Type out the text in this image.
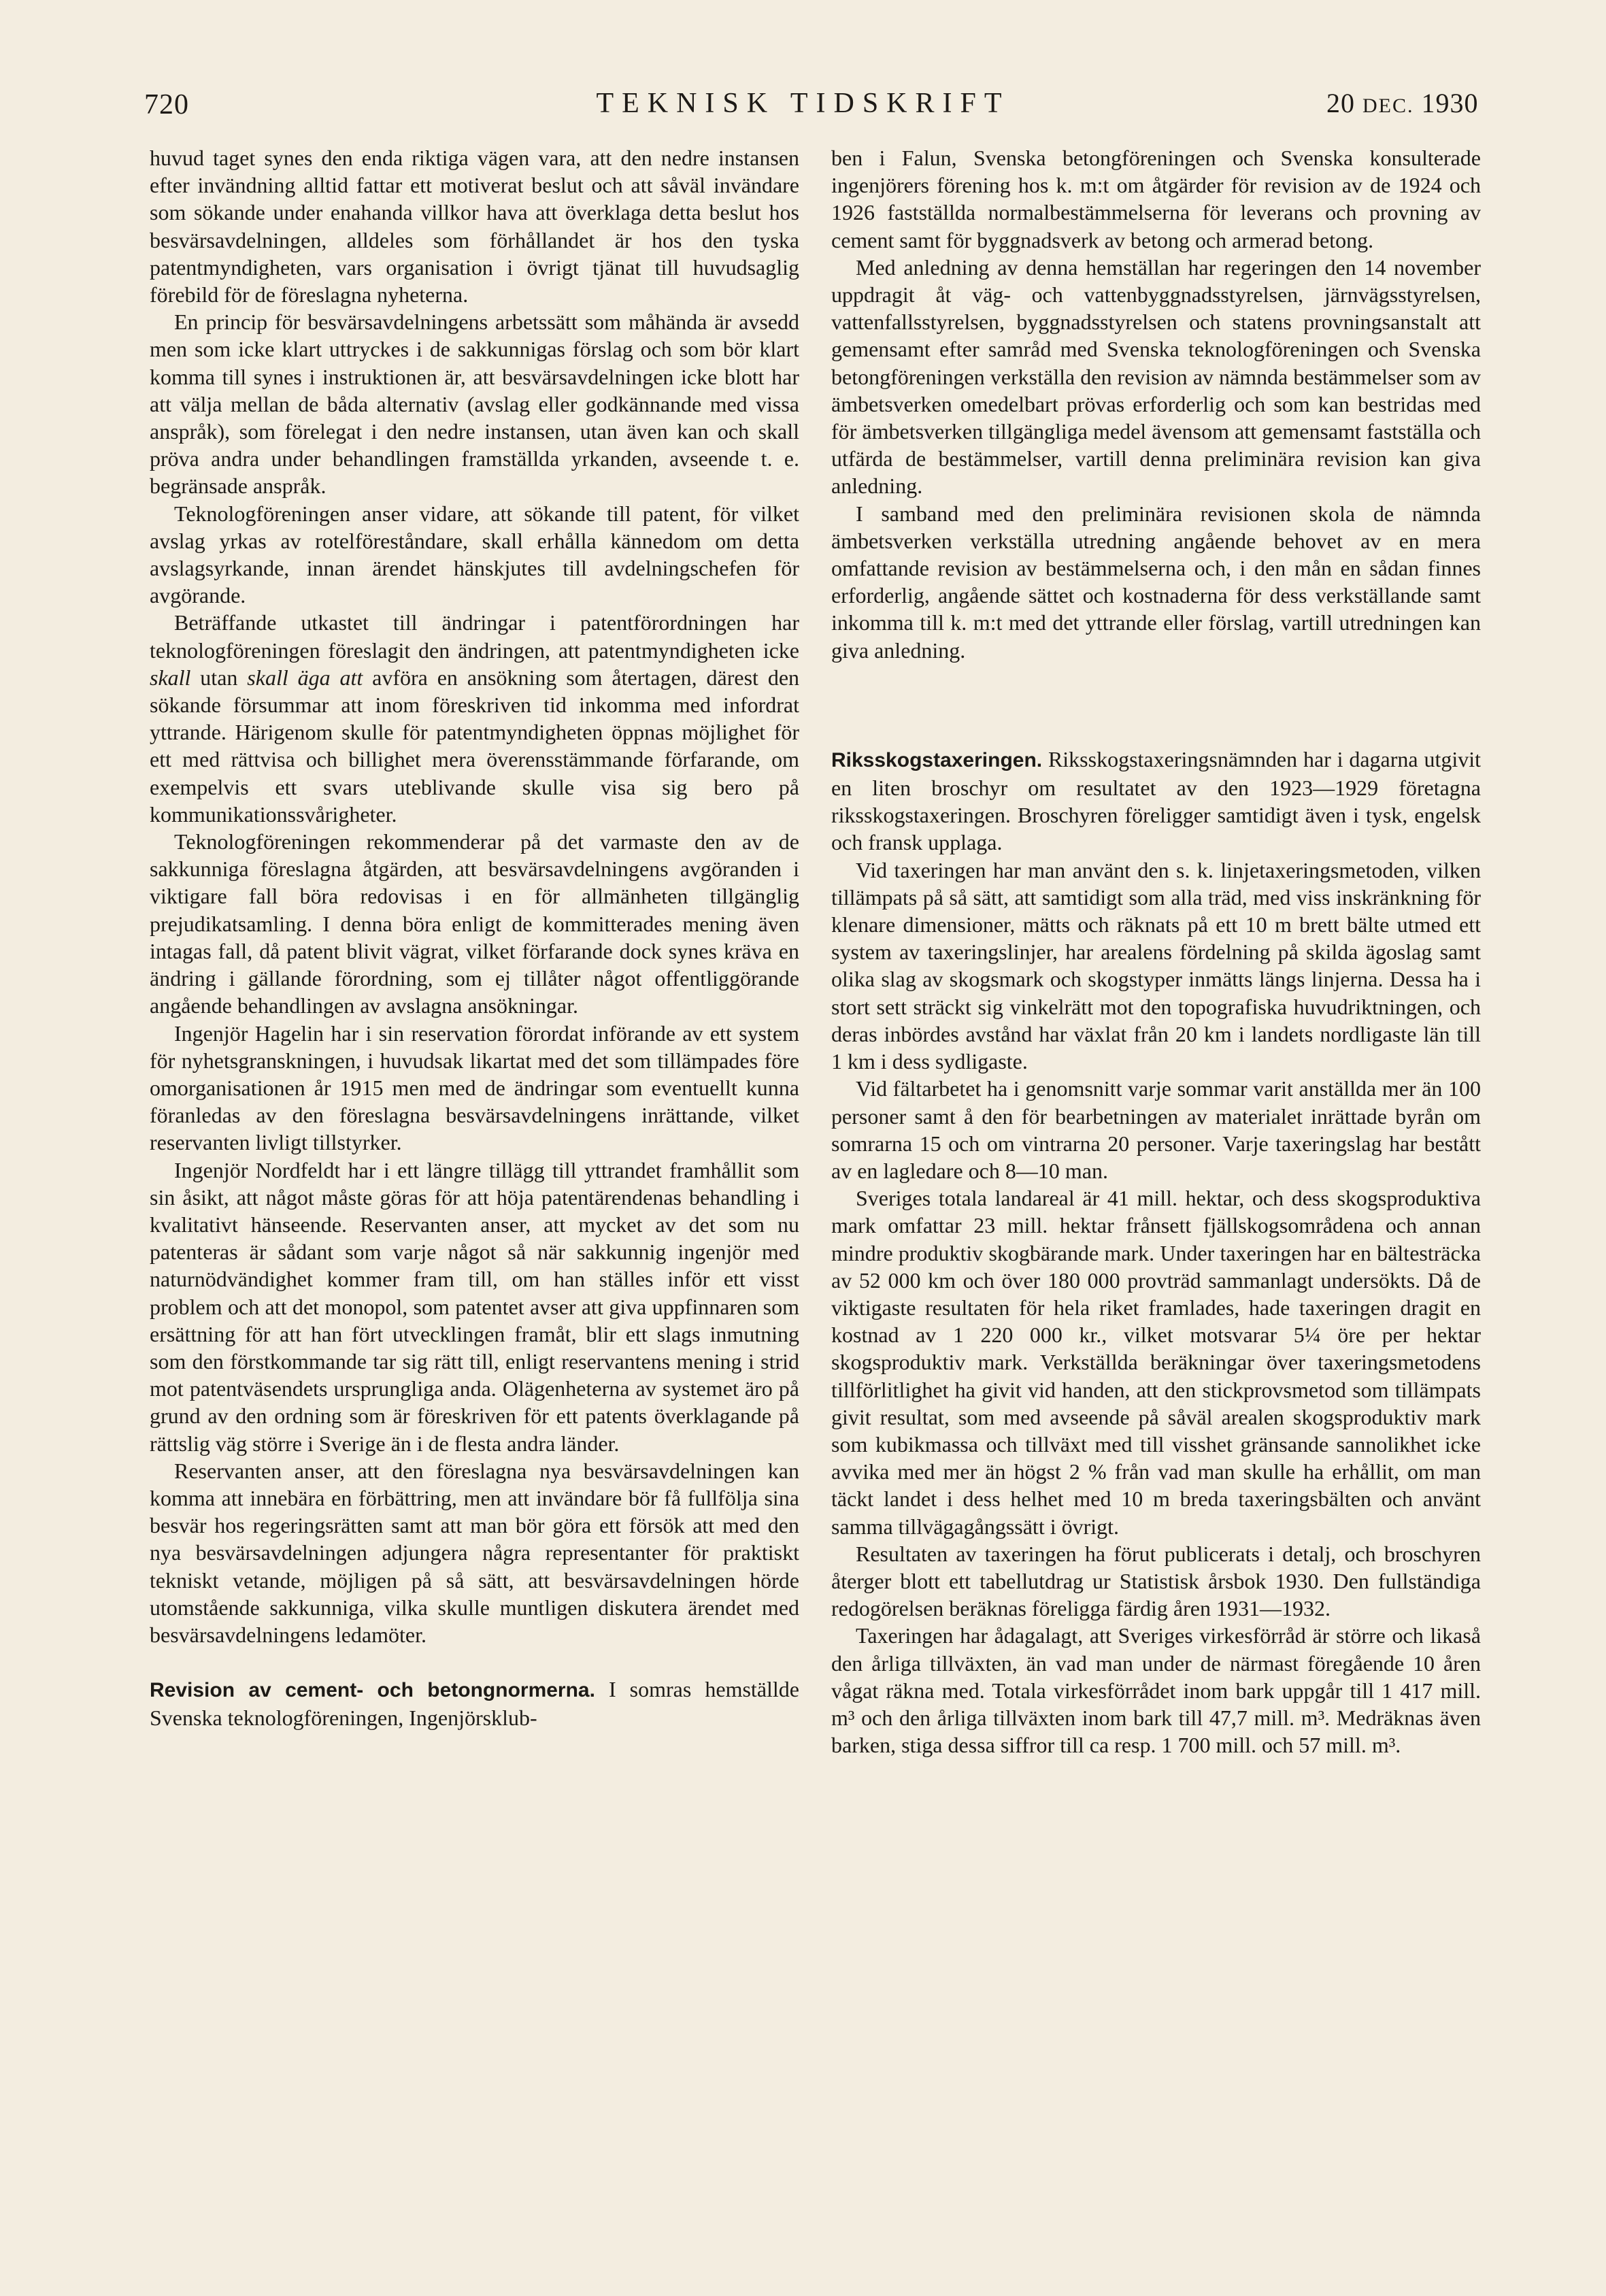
720	TEKNISK TIDSKRIFT	20 DEC. 1930

huvud taget synes den enda riktiga vägen vara, att den nedre instansen efter invändning alltid fattar ett motiverat beslut och att såväl invändare som sökande under enahanda villkor hava att överklaga detta beslut hos besvärsavdelningen, alldeles som förhållandet är hos den tyska patentmyndigheten, vars organisation i övrigt tjänat till huvudsaglig förebild för de föreslagna nyheterna.

En princip för besvärsavdelningens arbetssätt som måhända är avsedd men som icke klart uttryckes i de sakkunnigas förslag och som bör klart komma till synes i instruktionen är, att besvärsavdelningen icke blott har att välja mellan de båda alternativ (avslag eller godkännande med vissa anspråk), som förelegat i den nedre instansen, utan även kan och skall pröva andra under behandlingen framställda yrkanden, avseende t. e. begränsade anspråk.

Teknologföreningen anser vidare, att sökande till patent, för vilket avslag yrkas av rotelföreståndare, skall erhålla kännedom om detta avslagsyrkande, innan ärendet hänskjutes till avdelningschefen för avgörande.

Beträffande utkastet till ändringar i patentförordningen har teknologföreningen föreslagit den ändringen, att patentmyndigheten icke skall utan skall äga att avföra en ansökning som återtagen, därest den sökande försummar att inom föreskriven tid inkomma med infordrat yttrande. Härigenom skulle för patentmyndigheten öppnas möjlighet för ett med rättvisa och billighet mera överensstämmande förfarande, om exempelvis ett svars uteblivande skulle visa sig bero på kommunikationssvårigheter.

Teknologföreningen rekommenderar på det varmaste den av de sakkunniga föreslagna åtgärden, att besvärsavdelningens avgöranden i viktigare fall böra redovisas i en för allmänheten tillgänglig prejudikatsamling. I denna böra enligt de kommitterades mening även intagas fall, då patent blivit vägrat, vilket förfarande dock synes kräva en ändring i gällande förordning, som ej tillåter något offentliggörande angående behandlingen av avslagna ansökningar.

Ingenjör Hagelin har i sin reservation förordat införande av ett system för nyhetsgranskningen, i huvudsak likartat med det som tillämpades före omorganisationen år 1915 men med de ändringar som eventuellt kunna föranledas av den föreslagna besvärsavdelningens inrättande, vilket reservanten livligt tillstyrker.

Ingenjör Nordfeldt har i ett längre tillägg till yttrandet framhållit som sin åsikt, att något måste göras för att höja patentärendenas behandling i kvalitativt hänseende. Reservanten anser, att mycket av det som nu patenteras är sådant som varje något så när sakkunnig ingenjör med naturnödvändighet kommer fram till, om han ställes inför ett visst problem och att det monopol, som patentet avser att giva uppfinnaren som ersättning för att han fört utvecklingen framåt, blir ett slags inmutning som den förstkommande tar sig rätt till, enligt reservantens mening i strid mot patentväsendets ursprungliga anda. Olägenheterna av systemet äro på grund av den ordning som är föreskriven för ett patents överklagande på rättslig väg större i Sverige än i de flesta andra länder.

Reservanten anser, att den föreslagna nya besvärsavdelningen kan komma att innebära en förbättring, men att invändare bör få fullfölja sina besvär hos regeringsrätten samt att man bör göra ett försök att med den nya besvärsavdelningen adjungera några representanter för praktiskt tekniskt vetande, möjligen på så sätt, att besvärsavdelningen hörde utomstående sakkunniga, vilka skulle muntligen diskutera ärendet med besvärsavdelningens ledamöter.

Revision av cement- och betongnormerna. I somras hemställde Svenska teknologföreningen, Ingenjörsklub-

ben i Falun, Svenska betongföreningen och Svenska konsulterade ingenjörers förening hos k. m:t om åtgärder för revision av de 1924 och 1926 fastställda normalbestämmelserna för leverans och provning av cement samt för byggnadsverk av betong och armerad betong.

Med anledning av denna hemställan har regeringen den 14 november uppdragit åt väg- och vattenbyggnadsstyrelsen, järnvägsstyrelsen, vattenfallsstyrelsen, byggnadsstyrelsen och statens provningsanstalt att gemensamt efter samråd med Svenska teknologföreningen och Svenska betongföreningen verkställa den revision av nämnda bestämmelser som av ämbetsverken omedelbart prövas erforderlig och som kan bestridas med för ämbetsverken tillgängliga medel ävensom att gemensamt fastställa och utfärda de bestämmelser, vartill denna preliminära revision kan giva anledning.

I samband med den preliminära revisionen skola de nämnda ämbetsverken verkställa utredning angående behovet av en mera omfattande revision av bestämmelserna och, i den mån en sådan finnes erforderlig, angående sättet och kostnaderna för dess verkställande samt inkomma till k. m:t med det yttrande eller förslag, vartill utredningen kan giva anledning.

Riksskogstaxeringen. Riksskogstaxeringsnämnden har i dagarna utgivit en liten broschyr om resultatet av den 1923—1929 företagna riksskogstaxeringen. Broschyren föreligger samtidigt även i tysk, engelsk och fransk upplaga.

Vid taxeringen har man använt den s. k. linjetaxeringsmetoden, vilken tillämpats på så sätt, att samtidigt som alla träd, med viss inskränkning för klenare dimensioner, mätts och räknats på ett 10 m brett bälte utmed ett system av taxeringslinjer, har arealens fördelning på skilda ägoslag samt olika slag av skogsmark och skogstyper inmätts längs linjerna. Dessa ha i stort sett sträckt sig vinkelrätt mot den topografiska huvudriktningen, och deras inbördes avstånd har växlat från 20 km i landets nordligaste län till 1 km i dess sydligaste.

Vid fältarbetet ha i genomsnitt varje sommar varit anställda mer än 100 personer samt å den för bearbetningen av materialet inrättade byrån om somrarna 15 och om vintrarna 20 personer. Varje taxeringslag har bestått av en lagledare och 8—10 man.

Sveriges totala landareal är 41 mill. hektar, och dess skogsproduktiva mark omfattar 23 mill. hektar frånsett fjällskogsområdena och annan mindre produktiv skogbärande mark. Under taxeringen har en bältesträcka av 52 000 km och över 180 000 provträd sammanlagt undersökts. Då de viktigaste resultaten för hela riket framlades, hade taxeringen dragit en kostnad av 1 220 000 kr., vilket motsvarar 5¼ öre per hektar skogsproduktiv mark. Verkställda beräkningar över taxeringsmetodens tillförlitlighet ha givit vid handen, att den stickprovsmetod som tillämpats givit resultat, som med avseende på såväl arealen skogsproduktiv mark som kubikmassa och tillväxt med till visshet gränsande sannolikhet icke avvika med mer än högst 2 % från vad man skulle ha erhållit, om man täckt landet i dess helhet med 10 m breda taxeringsbälten och använt samma tillvägagångssätt i övrigt.

Resultaten av taxeringen ha förut publicerats i detalj, och broschyren återger blott ett tabellutdrag ur Statistisk årsbok 1930. Den fullständiga redogörelsen beräknas föreligga färdig åren 1931—1932.

Taxeringen har ådagalagt, att Sveriges virkesförråd är större och likaså den årliga tillväxten, än vad man under de närmast föregående 10 åren vågat räkna med. Totala virkesförrådet inom bark uppgår till 1 417 mill. m³ och den årliga tillväxten inom bark till 47,7 mill. m³. Medräknas även barken, stiga dessa siffror till ca resp. 1 700 mill. och 57 mill. m³.
